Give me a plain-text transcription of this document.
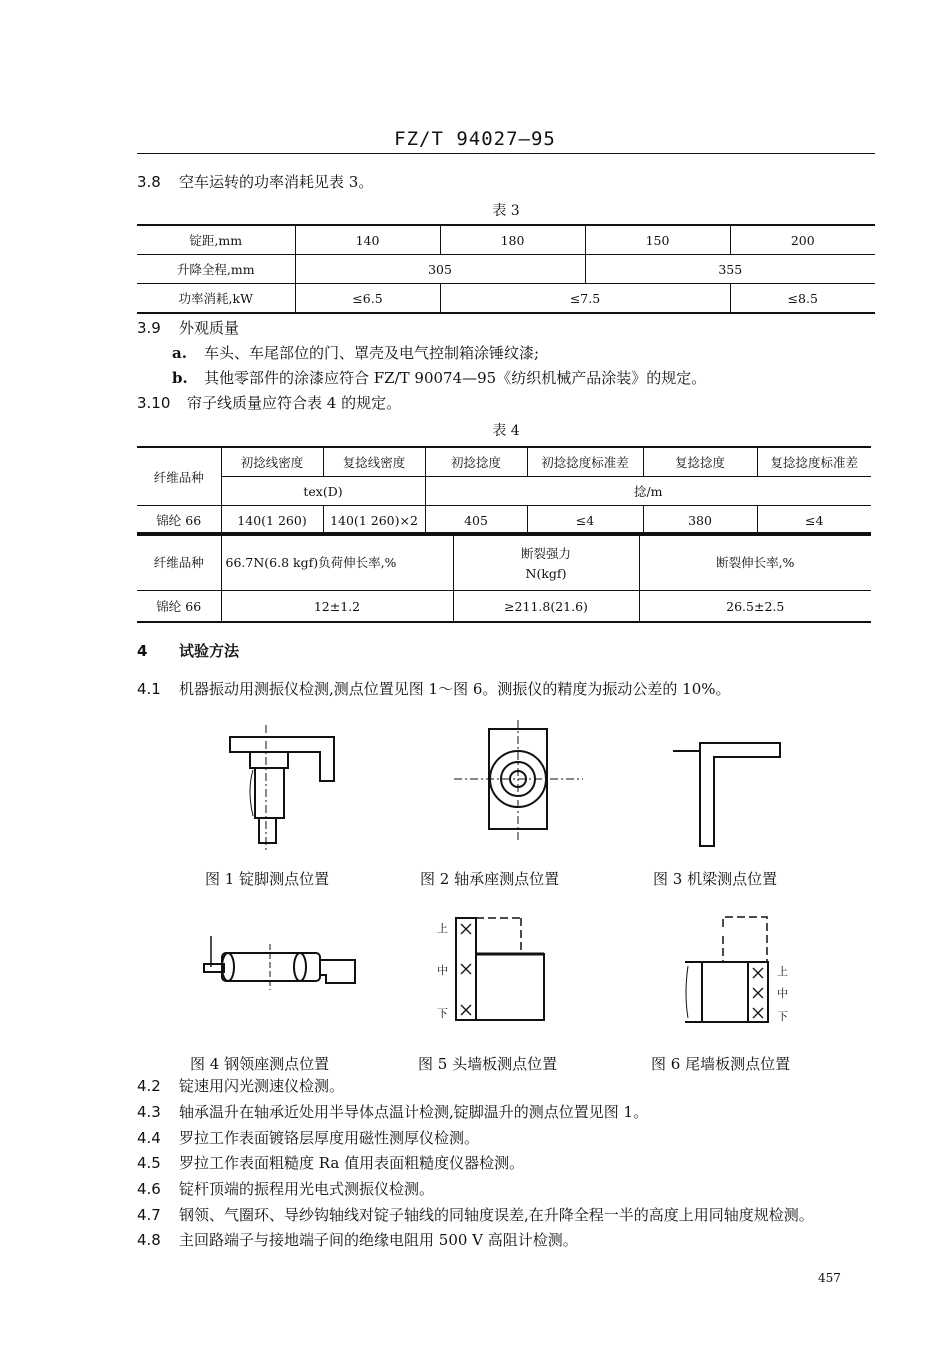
FZ/T 94027—95
3.8 空车运转的功率消耗见表 3。
表 3
锭距,mm	140	180	150	200
升降全程,mm	305		355	
功率消耗,kW	≤6.5	≤7.5		≤8.5
3.9 外观质量
a. 车头、车尾部位的门、罩壳及电气控制箱涂锤纹漆;
b. 其他零部件的涂漆应符合 FZ/T 90074—95《纺织机械产品涂装》的规定。
3.10 帘子线质量应符合表 4 的规定。
表 4
纤维品种	初捻线密度	复捻线密度	初捻捻度	初捻捻度标准差	复捻捻度	复捻捻度标准差
	tex(D)		捻/m			
锦纶 66	140(1 260)	140(1 260)×2	405	≤4	380	≤4
纤维品种	66.7N(6.8 kgf)负荷伸长率,%	断裂强力
N(kgf)	断裂伸长率,%
锦纶 66	12±1.2	≥211.8(21.6)	26.5±2.5
4 试验方法
4.1 机器振动用测振仪检测,测点位置见图 1～图 6。测振仪的精度为振动公差的 10%。
图 1 锭脚测点位置	图 2 轴承座测点位置	图 3 机梁测点位置
上
中
下
上
中
下
图 4 钢领座测点位置	图 5 头墙板测点位置	图 6 尾墙板测点位置
4.2 锭速用闪光测速仪检测。
4.3 轴承温升在轴承近处用半导体点温计检测,锭脚温升的测点位置见图 1。
4.4 罗拉工作表面镀铬层厚度用磁性测厚仪检测。
4.5 罗拉工作表面粗糙度 Ra 值用表面粗糙度仪器检测。
4.6 锭杆顶端的振程用光电式测振仪检测。
4.7 钢领、气圈环、导纱钩轴线对锭子轴线的同轴度误差,在升降全程一半的高度上用同轴度规检测。
4.8 主回路端子与接地端子间的绝缘电阻用 500 V 高阻计检测。
457
